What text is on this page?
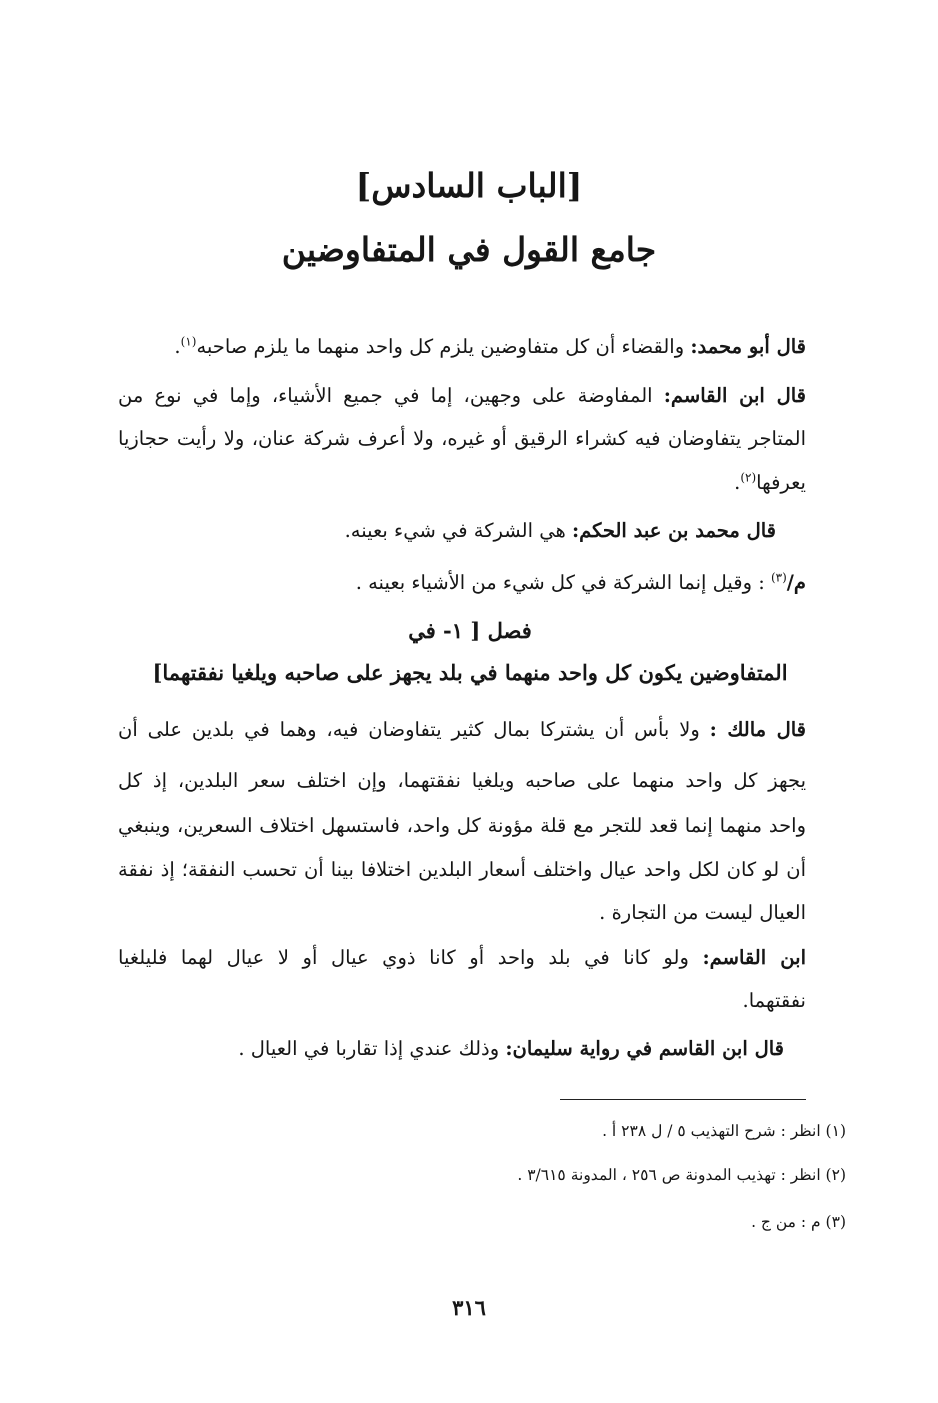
[الباب السادس]
جامع القول في المتفاوضين
قال أبو محمد: والقضاء أن كل متفاوضين يلزم كل واحد منهما ما يلزم صاحبه$^{(١)}$.
قال ابن القاسم: المفاوضة على وجهين، إما في جميع الأشياء، وإما في نوع من
المتاجر يتفاوضان فيه كشراء الرقيق أو غيره، ولا أعرف شركة عنان، ولا رأيت حجازيا
يعرفها$^{(٢)}$.
قال محمد بن عبد الحكم: هي الشركة في شيء بعينه.
م/$^{(٣)}$ : وقيل إنما الشركة في كل شيء من الأشياء بعينه .
فصل [ ١- في
المتفاوضين يكون كل واحد منهما في بلد يجهز على صاحبه ويلغيا نفقتهما]
قال مالك : ولا بأس أن يشتركا بمال كثير يتفاوضان فيه، وهما في بلدين على أن
يجهز كل واحد منهما على صاحبه ويلغيا نفقتهما، وإن اختلف سعر البلدين، إذ كل
واحد منهما إنما قعد للتجر مع قلة مؤونة كل واحد، فاستسهل اختلاف السعرين، وينبغي
أن لو كان لكل واحد عيال واختلف أسعار البلدين اختلافا بينا أن تحسب النفقة؛ إذ نفقة
العيال ليست من التجارة .
ابن القاسم: ولو كانا في بلد واحد أو كانا ذوي عيال أو لا عيال لهما فليلغيا
نفقتهما.
قال ابن القاسم في رواية سليمان: وذلك عندي إذا تقاربا في العيال .
(١) انظر : شرح التهذيب ٥ / ل ٢٣٨ أ .
(٢) انظر : تهذيب المدونة ص ٢٥٦ ، المدونة ٣/٦١٥ .
(٣) م : من ج .
٣١٦
